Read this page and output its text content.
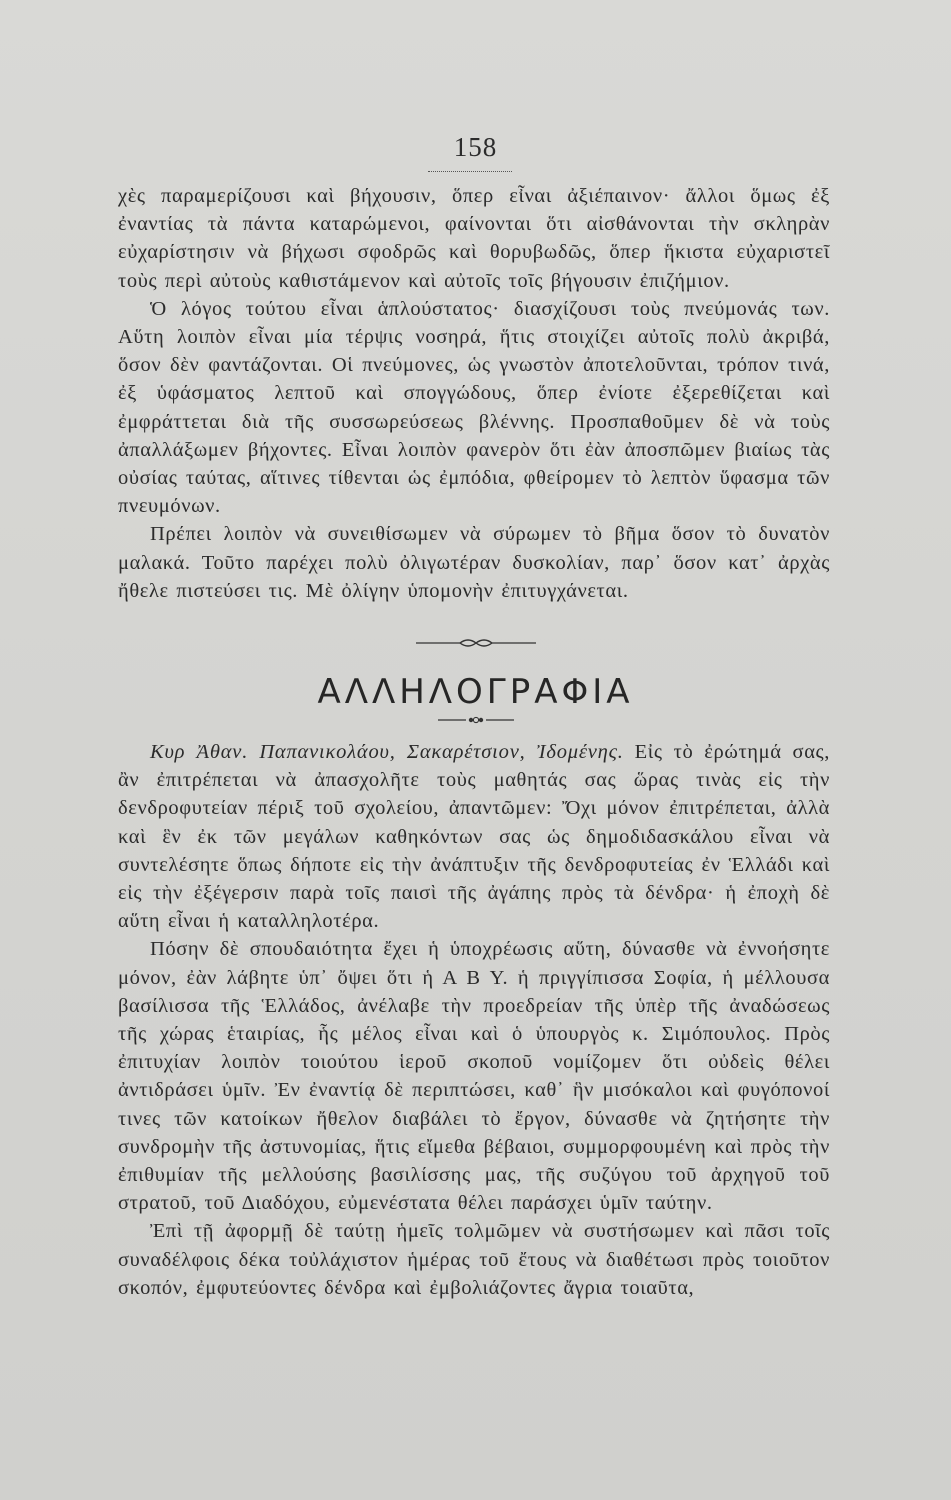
158

χὲς παραμερίζουσι καὶ βήχουσιν, ὅπερ εἶναι ἀξιέπαινον· ἄλλοι ὅμως ἐξ ἐναντίας τὰ πάντα καταρώμενοι, φαίνονται ὅτι αἰσθάνονται τὴν σκληρὰν εὐχαρίστησιν νὰ βήχωσι σφοδρῶς καὶ θορυβωδῶς, ὅπερ ἥκιστα εὐχαριστεῖ τοὺς περὶ αὐτοὺς καθιστάμενον καὶ αὐτοῖς τοῖς βήγουσιν ἐπιζήμιον.

Ὁ λόγος τούτου εἶναι ἁπλούστατος· διασχίζουσι τοὺς πνεύμονάς των. Αὕτη λοιπὸν εἶναι μία τέρψις νοσηρά, ἥτις στοιχίζει αὐτοῖς πολὺ ἀκριβά, ὅσον δὲν φαντάζονται. Οἱ πνεύμονες, ὡς γνωστὸν ἀποτελοῦνται, τρόπον τινά, ἐξ ὑφάσματος λεπτοῦ καὶ σπογγώδους, ὅπερ ἐνίοτε ἐξερεθίζεται καὶ ἐμφράττεται διὰ τῆς συσσωρεύσεως βλέννης. Προσπαθοῦμεν δὲ νὰ τοὺς ἀπαλλάξωμεν βήχοντες. Εἶναι λοιπὸν φανερὸν ὅτι ἐὰν ἀποσπῶμεν βιαίως τὰς οὐσίας ταύτας, αἵτινες τίθενται ὡς ἐμπόδια, φθείρομεν τὸ λεπτὸν ὕφασμα τῶν πνευμόνων.

Πρέπει λοιπὸν νὰ συνειθίσωμεν νὰ σύρωμεν τὸ βῆμα ὅσον τὸ δυνατὸν μαλακά. Τοῦτο παρέχει πολὺ ὀλιγωτέραν δυσκολίαν, παρ᾽ ὅσον κατ᾽ ἀρχὰς ἤθελε πιστεύσει τις. Μὲ ὀλίγην ὑπομονὴν ἐπιτυγχάνεται.

ΑΛΛΗΛΟΓΡΑΦΙΑ

Κυρ Ἀθαν. Παπανικολάου, Σακαρέτσιον, Ἰδομένης. Εἰς τὸ ἐρώτημά σας, ἂν ἐπιτρέπεται νὰ ἀπασχολῆτε τοὺς μαθητάς σας ὥρας τινὰς εἰς τὴν δενδροφυτείαν πέριξ τοῦ σχολείου, ἀπαντῶμεν: Ὄχι μόνον ἐπιτρέπεται, ἀλλὰ καὶ ἓν ἐκ τῶν μεγάλων καθηκόντων σας ὡς δημοδιδασκάλου εἶναι νὰ συντελέσητε ὅπως δήποτε εἰς τὴν ἀνάπτυξιν τῆς δενδροφυτείας ἐν Ἑλλάδι καὶ εἰς τὴν ἐξέγερσιν παρὰ τοῖς παισὶ τῆς ἀγάπης πρὸς τὰ δένδρα· ἡ ἐποχὴ δὲ αὕτη εἶναι ἡ καταλληλοτέρα.

Πόσην δὲ σπουδαιότητα ἔχει ἡ ὑποχρέωσις αὕτη, δύνασθε νὰ ἐννοήσητε μόνον, ἐὰν λάβητε ὑπ᾽ ὄψει ὅτι ἡ Α Β Υ. ἡ πριγγίπισσα Σοφία, ἡ μέλλουσα βασίλισσα τῆς Ἑλλάδος, ἀνέλαβε τὴν προεδρείαν τῆς ὑπὲρ τῆς ἀναδώσεως τῆς χώρας ἑταιρίας, ἧς μέλος εἶναι καὶ ὁ ὑπουργὸς κ. Σιμόπουλος. Πρὸς ἐπιτυχίαν λοιπὸν τοιούτου ἱεροῦ σκοποῦ νομίζομεν ὅτι οὐδεὶς θέλει ἀντιδράσει ὑμῖν. Ἐν ἐναντίᾳ δὲ περιπτώσει, καθ᾽ ἣν μισόκαλοι καὶ φυγόπονοί τινες τῶν κατοίκων ἤθελον διαβάλει τὸ ἔργον, δύνασθε νὰ ζητήσητε τὴν συνδρομὴν τῆς ἀστυνομίας, ἥτις εἴμεθα βέβαιοι, συμμορφουμένη καὶ πρὸς τὴν ἐπιθυμίαν τῆς μελλούσης βασιλίσσης μας, τῆς συζύγου τοῦ ἀρχηγοῦ τοῦ στρατοῦ, τοῦ Διαδόχου, εὐμενέστατα θέλει παράσχει ὑμῖν ταύτην.

Ἐπὶ τῇ ἀφορμῇ δὲ ταύτῃ ἡμεῖς τολμῶμεν νὰ συστήσωμεν καὶ πᾶσι τοῖς συναδέλφοις δέκα τοὐλάχιστον ἡμέρας τοῦ ἔτους νὰ διαθέτωσι πρὸς τοιοῦτον σκοπόν, ἐμφυτεύοντες δένδρα καὶ ἐμβολιάζοντες ἄγρια τοιαῦτα,
